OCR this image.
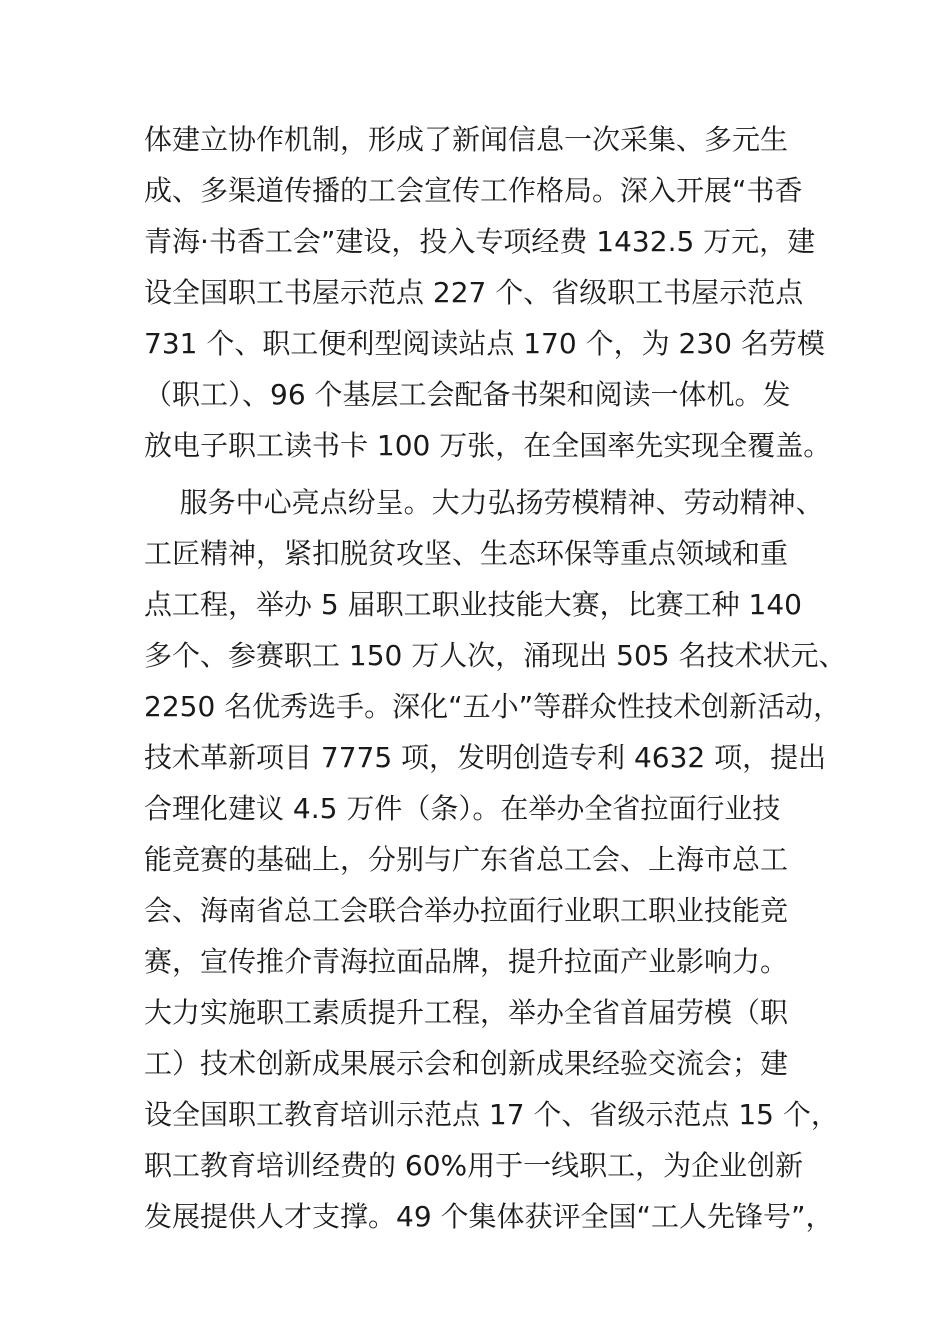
体建立协作机制，形成了新闻信息一次采集、多元生
成、多渠道传播的工会宣传工作格局。深入开展“书香
青海·书香工会”建设，投入专项经费 1432.5 万元，建
设全国职工书屋示范点 227 个、省级职工书屋示范点
731 个、职工便利型阅读站点 170 个，为 230 名劳模
（职工）、96 个基层工会配备书架和阅读一体机。发
放电子职工读书卡 100 万张，在全国率先实现全覆盖。

服务中心亮点纷呈。大力弘扬劳模精神、劳动精神、
工匠精神，紧扣脱贫攻坚、生态环保等重点领域和重
点工程，举办 5 届职工职业技能大赛，比赛工种 140
多个、参赛职工 150 万人次，涌现出 505 名技术状元、
2250 名优秀选手。深化“五小”等群众性技术创新活动，
技术革新项目 7775 项，发明创造专利 4632 项，提出
合理化建议 4.5 万件（条）。在举办全省拉面行业技
能竞赛的基础上，分别与广东省总工会、上海市总工
会、海南省总工会联合举办拉面行业职工职业技能竞
赛，宣传推介青海拉面品牌，提升拉面产业影响力。
大力实施职工素质提升工程，举办全省首届劳模（职
工）技术创新成果展示会和创新成果经验交流会；建
设全国职工教育培训示范点 17 个、省级示范点 15 个，
职工教育培训经费的 60%用于一线职工，为企业创新
发展提供人才支撑。49 个集体获评全国“工人先锋号”，
